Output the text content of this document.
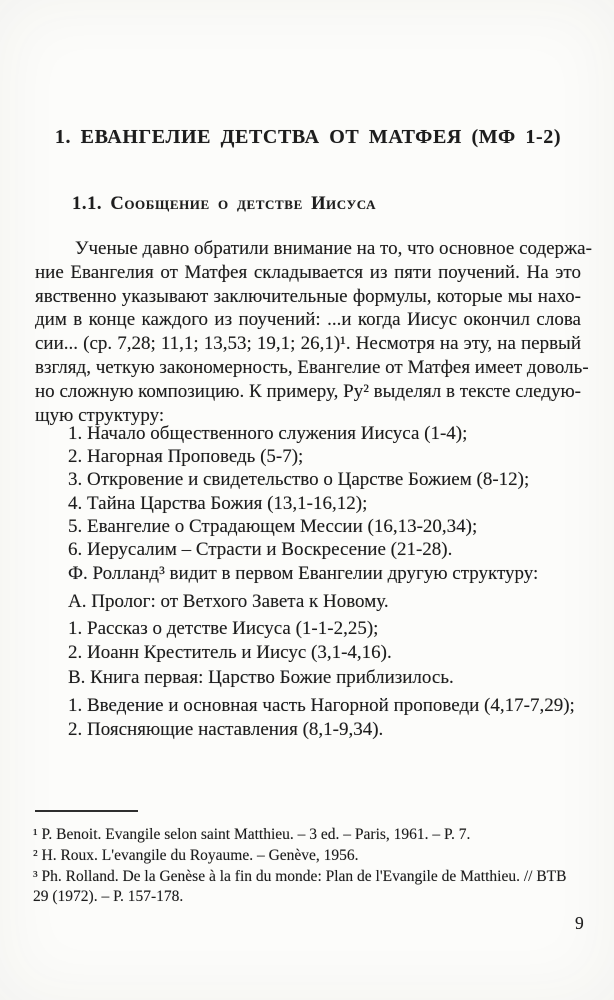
1. ЕВАНГЕЛИЕ ДЕТСТВА ОТ МАТФЕЯ (МФ 1-2)
1.1. Сообщение о детстве Иисуса
Ученые давно обратили внимание на то, что основное содержа-
ние Евангелия от Матфея складывается из пяти поучений. На это
явственно указывают заключительные формулы, которые мы нахо-
дим в конце каждого из поучений: ...и когда Иисус окончил слова
сии... (ср. 7,28; 11,1; 13,53; 19,1; 26,1)¹. Несмотря на эту, на первый
взгляд, четкую закономерность, Евангелие от Матфея имеет доволь-
но сложную композицию. К примеру, Ру² выделял в тексте следую-
щую структуру:
1. Начало общественного служения Иисуса (1-4);
2. Нагорная Проповедь (5-7);
3. Откровение и свидетельство о Царстве Божием (8-12);
4. Тайна Царства Божия (13,1-16,12);
5. Евангелие о Страдающем Мессии (16,13-20,34);
6. Иерусалим – Страсти и Воскресение (21-28).
Ф. Ролланд³ видит в первом Евангелии другую структуру:
А. Пролог: от Ветхого Завета к Новому.
1. Рассказ о детстве Иисуса (1-1-2,25);
2. Иоанн Креститель и Иисус (3,1-4,16).
В. Книга первая: Царство Божие приблизилось.
1. Введение и основная часть Нагорной проповеди (4,17-7,29);
2. Поясняющие наставления (8,1-9,34).
¹ P. Benoit. Evangile selon saint Matthieu. – 3 ed. – Paris, 1961. – P. 7.
² H. Roux. L'evangile du Royaume. – Genève, 1956.
³ Ph. Rolland. De la Genèse à la fin du monde: Plan de l'Evangile de Matthieu. // BTB
29 (1972). – P. 157-178.
9
